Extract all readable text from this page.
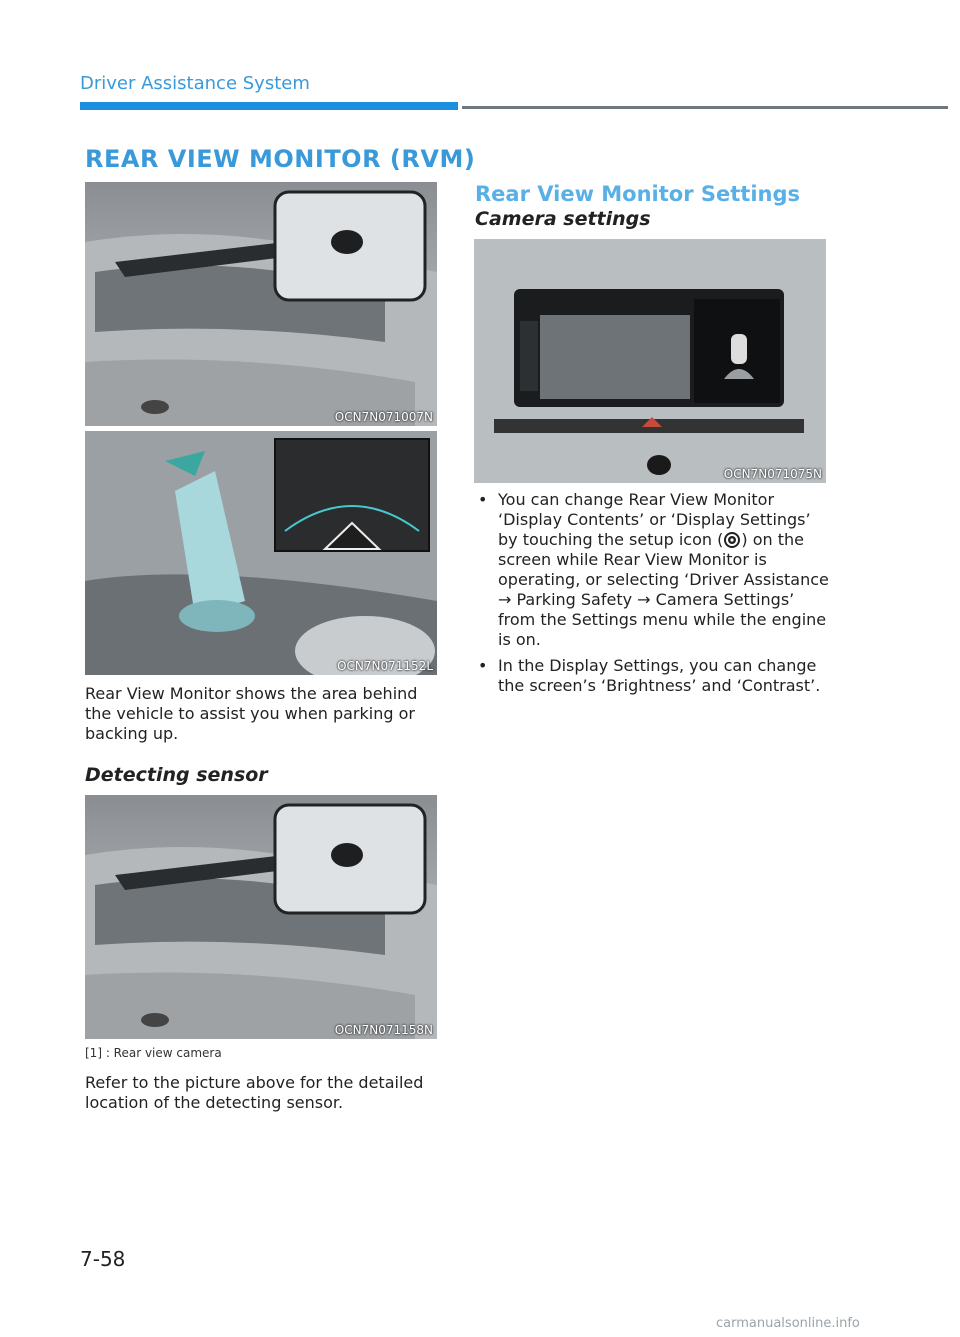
Driver Assistance System
REAR VIEW MONITOR (RVM)
OCN7N071007N
OCN7N071152L
Rear View Monitor shows the area behind the vehicle to assist you when parking or backing up.
Detecting sensor
OCN7N071158N
[1] : Rear view camera
Refer to the picture above for the detailed location of the detecting sensor.
Rear View Monitor Settings
Camera settings
OCN7N071075N
• You can change Rear View Monitor ‘Display Contents’ or ‘Display Settings’ by touching the setup icon ( ) on the screen while Rear View Monitor is operating, or selecting ‘Driver Assistance → Parking Safety → Camera Settings’ from the Settings menu while the engine is on.
• In the Display Settings, you can change the screen’s ‘Brightness’ and ‘Contrast’.
7-58
carmanualsonline.info
